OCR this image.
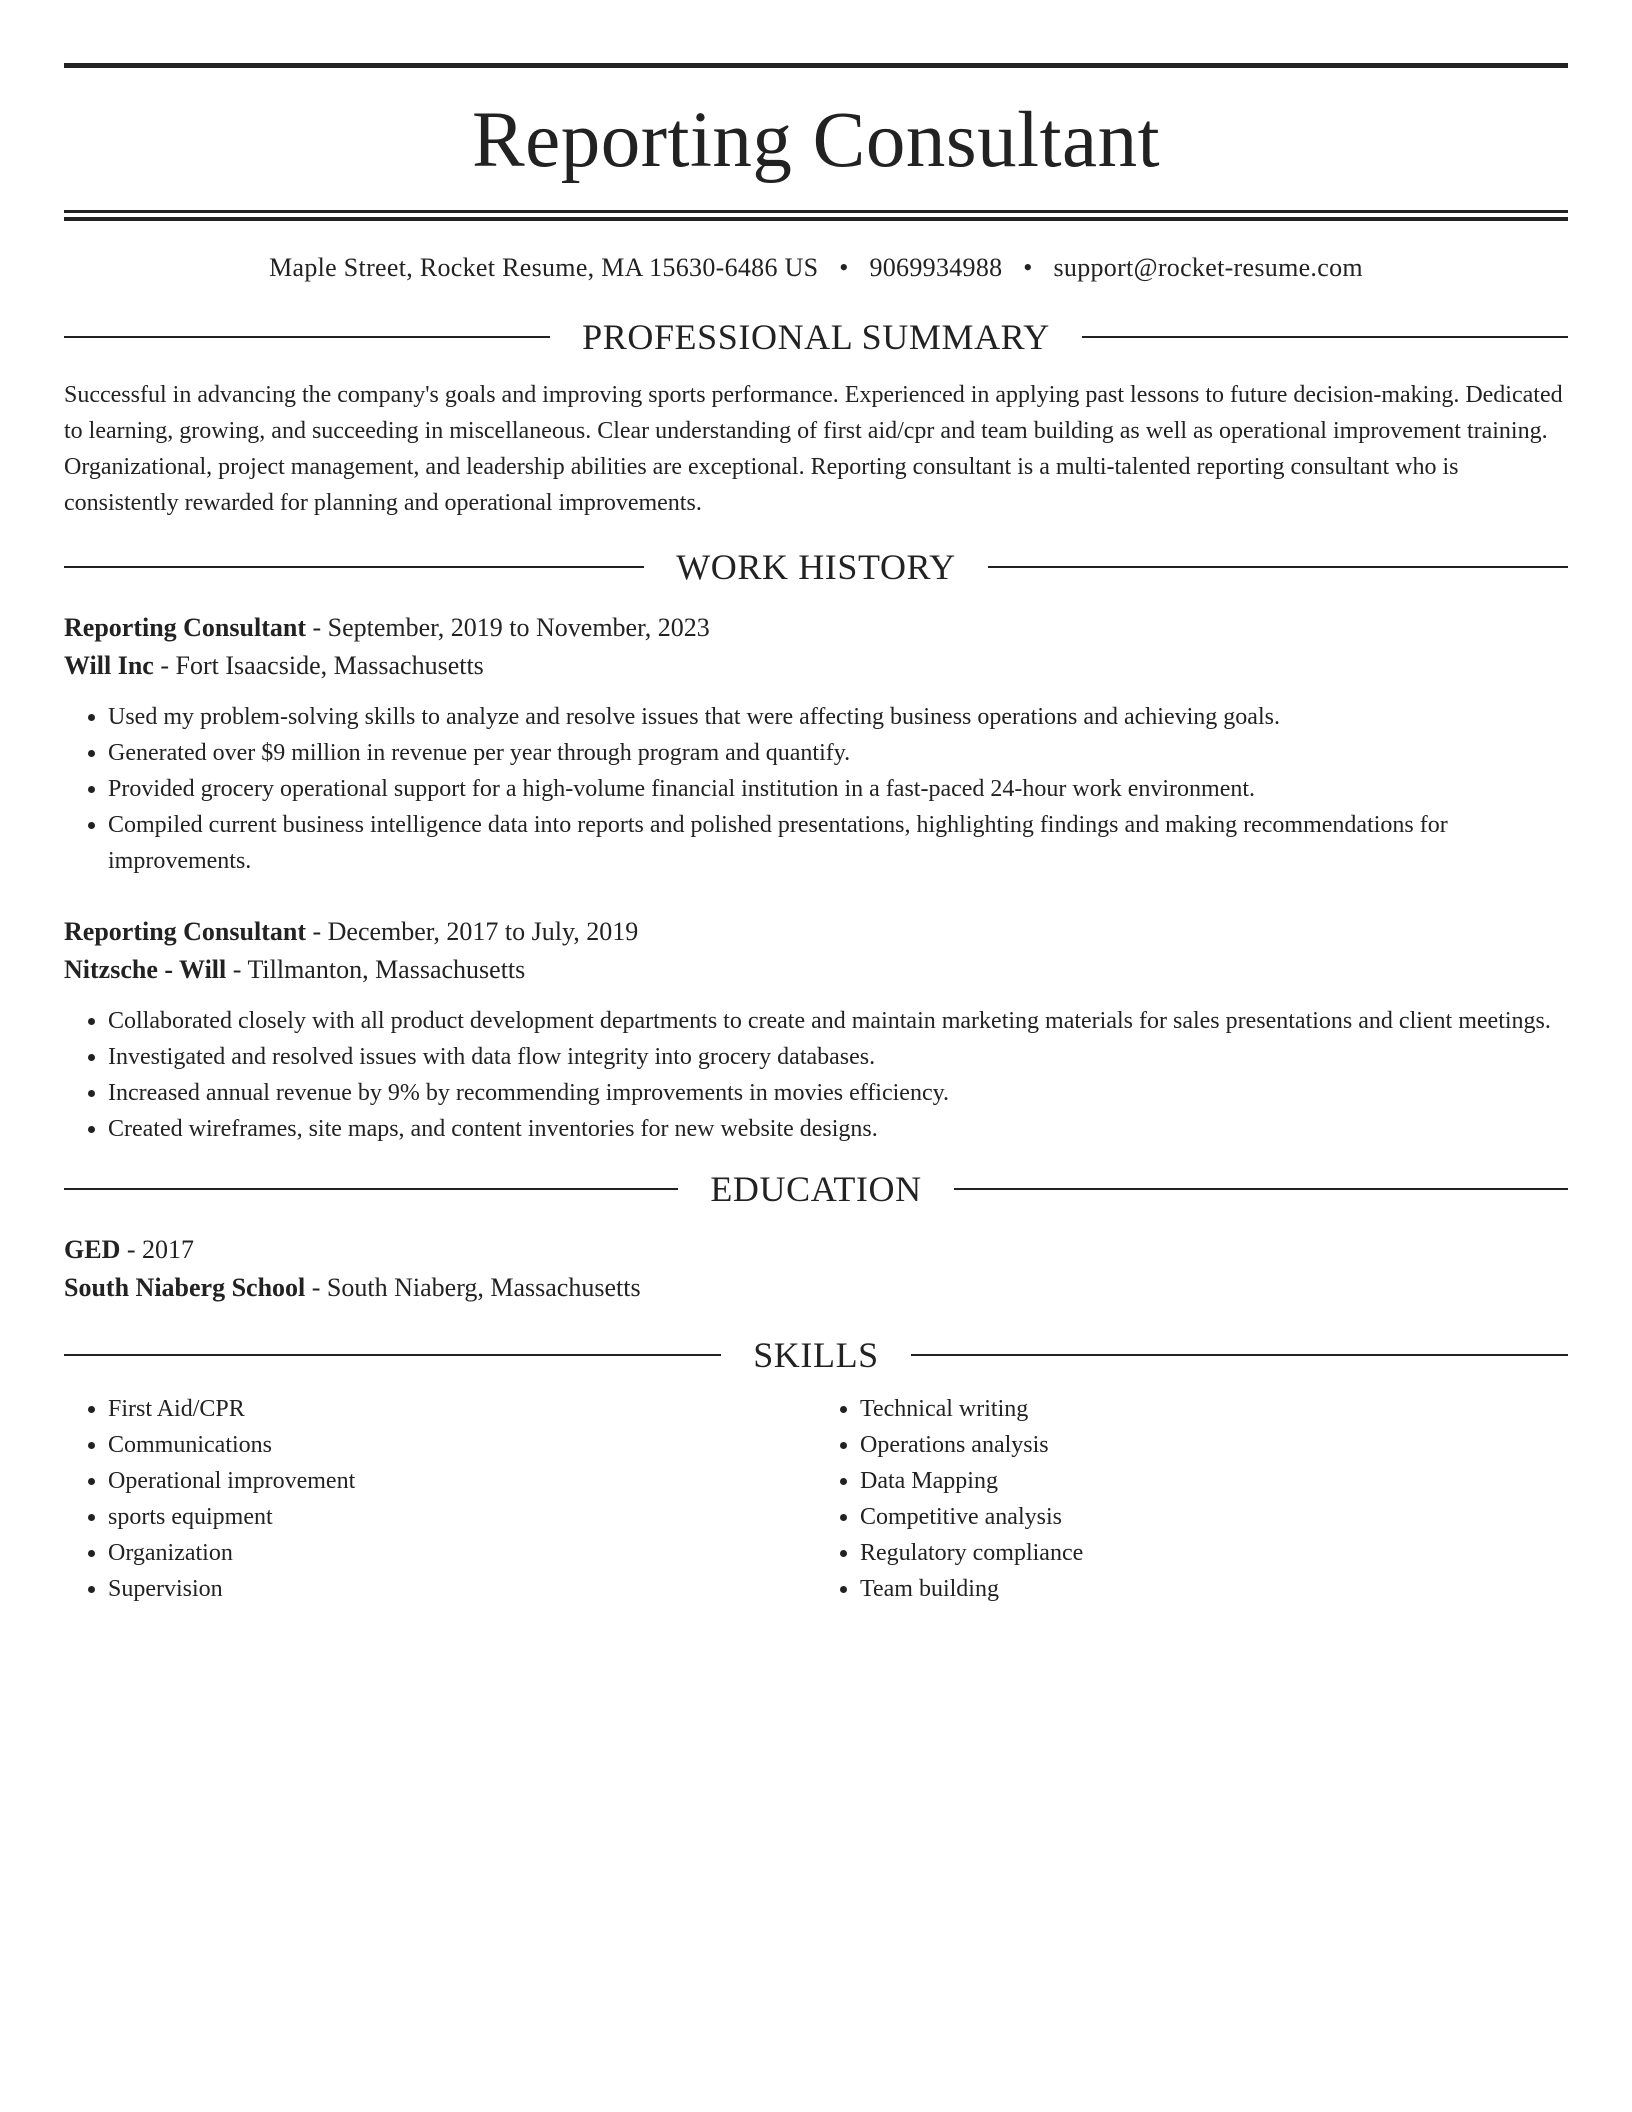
Reporting Consultant
Maple Street, Rocket Resume, MA 15630-6486 US • 9069934988 • support@rocket-resume.com
PROFESSIONAL SUMMARY

Successful in advancing the company's goals and improving sports performance. Experienced in applying past lessons to future decision-making. Dedicated to learning, growing, and succeeding in miscellaneous. Clear understanding of first aid/cpr and team building as well as operational improvement training. Organizational, project management, and leadership abilities are exceptional. Reporting consultant is a multi-talented reporting consultant who is consistently rewarded for planning and operational improvements.

WORK HISTORY
Reporting Consultant - September, 2019 to November, 2023
Will Inc - Fort Isaacside, Massachusetts
• Used my problem-solving skills to analyze and resolve issues that were affecting business operations and achieving goals.
• Generated over $9 million in revenue per year through program and quantify.
• Provided grocery operational support for a high-volume financial institution in a fast-paced 24-hour work environment.
• Compiled current business intelligence data into reports and polished presentations, highlighting findings and making recommendations for improvements.
Reporting Consultant - December, 2017 to July, 2019
Nitzsche - Will - Tillmanton, Massachusetts
• Collaborated closely with all product development departments to create and maintain marketing materials for sales presentations and client meetings.
• Investigated and resolved issues with data flow integrity into grocery databases.
• Increased annual revenue by 9% by recommending improvements in movies efficiency.
• Created wireframes, site maps, and content inventories for new website designs.
EDUCATION
GED - 2017
South Niaberg School - South Niaberg, Massachusetts
SKILLS
• First Aid/CPR
• Communications
• Operational improvement
• sports equipment
• Organization
• Supervision
• Technical writing
• Operations analysis
• Data Mapping
• Competitive analysis
• Regulatory compliance
• Team building
